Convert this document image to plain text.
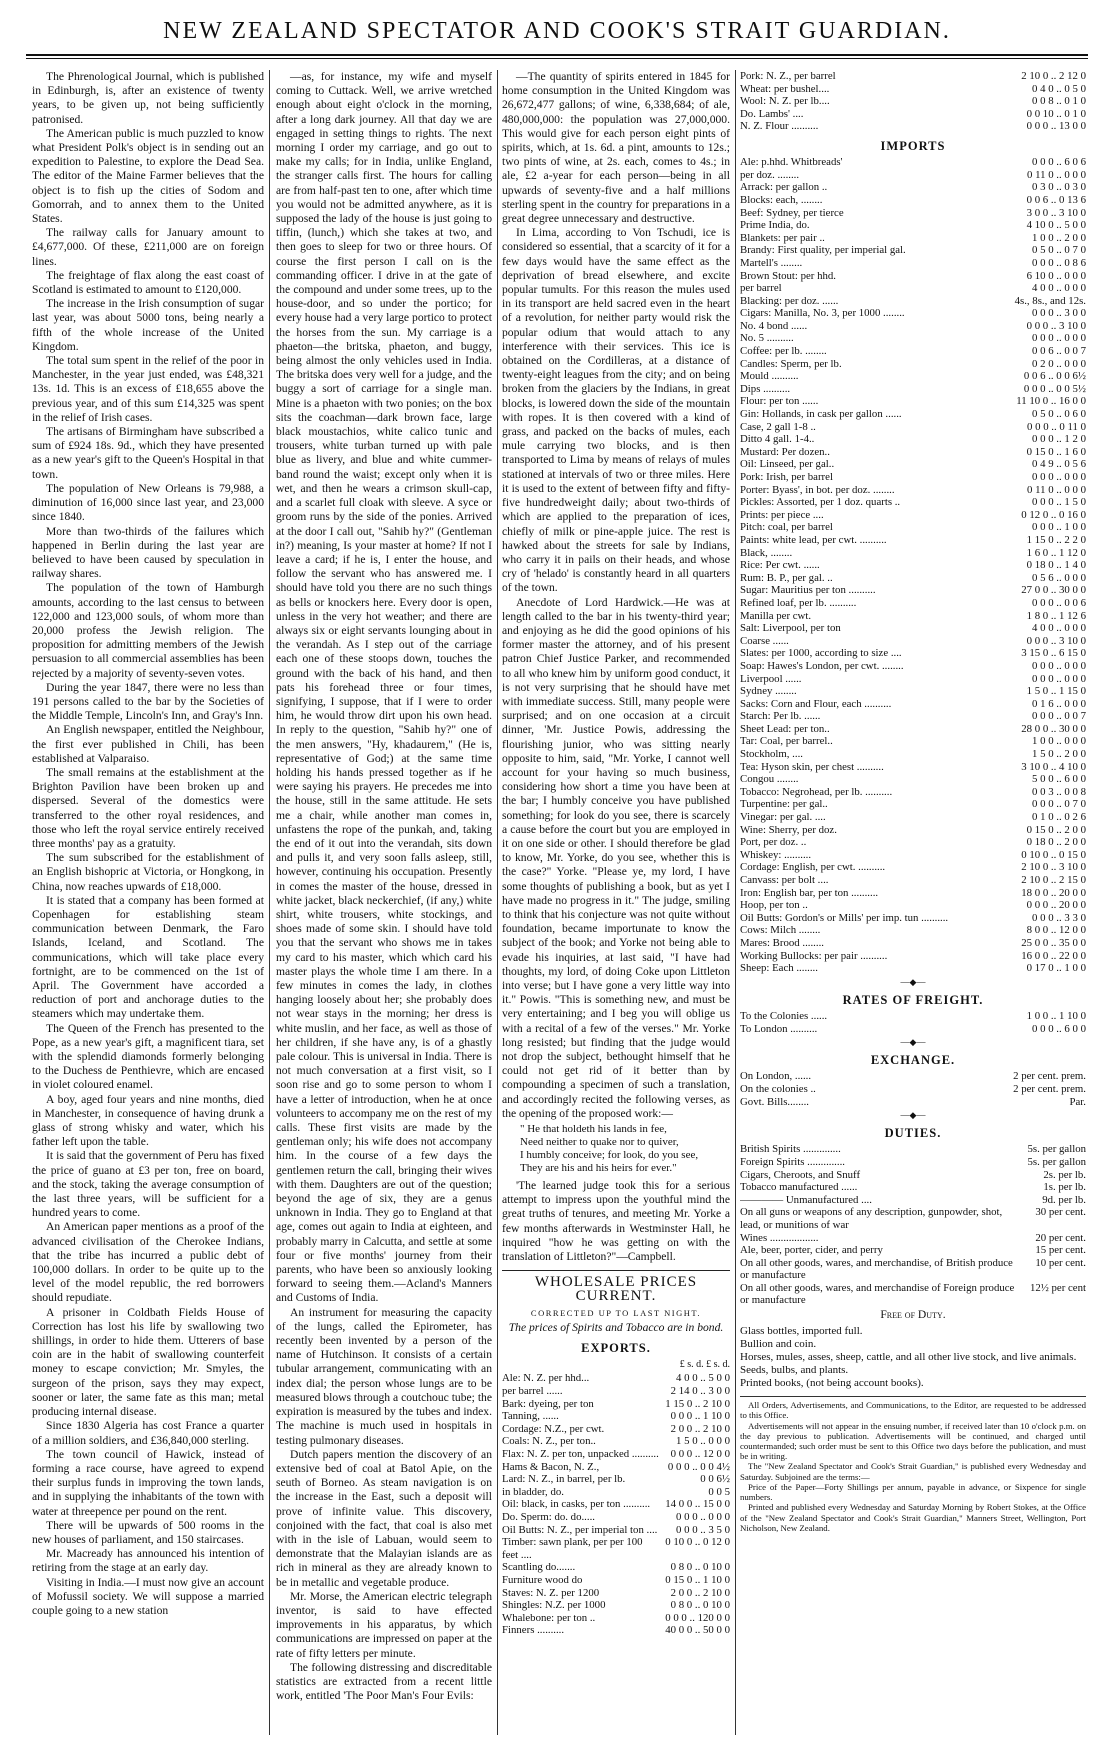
NEW ZEALAND SPECTATOR AND COOK'S STRAIT GUARDIAN.

The Phrenological Journal, which is published in Edinburgh, is, after an existence of twenty years, to be given up, not being sufficiently patronised.

The American public is much puzzled to know what President Polk's object is in sending out an expedition to Palestine, to explore the Dead Sea. The editor of the Maine Farmer believes that the object is to fish up the cities of Sodom and Gomorrah, and to annex them to the United States.

The railway calls for January amount to £4,677,000. Of these, £211,000 are on foreign lines.

The freightage of flax along the east coast of Scotland is estimated to amount to £120,000.

The increase in the Irish consumption of sugar last year, was about 5000 tons, being nearly a fifth of the whole increase of the United Kingdom.

The total sum spent in the relief of the poor in Manchester, in the year just ended, was £48,321 13s. 1d. This is an excess of £18,655 above the previous year, and of this sum £14,325 was spent in the relief of Irish cases.

The artisans of Birmingham have subscribed a sum of £924 18s. 9d., which they have presented as a new year's gift to the Queen's Hospital in that town.

The population of New Orleans is 79,988, a diminution of 16,000 since last year, and 23,000 since 1840.

More than two-thirds of the failures which happened in Berlin during the last year are believed to have been caused by speculation in railway shares.

The population of the town of Hamburgh amounts, according to the last census to between 122,000 and 123,000 souls, of whom more than 20,000 profess the Jewish religion. The proposition for admitting members of the Jewish persuasion to all commercial assemblies has been rejected by a majority of seventy-seven votes.

During the year 1847, there were no less than 191 persons called to the bar by the Societies of the Middle Temple, Lincoln's Inn, and Gray's Inn.

An English newspaper, entitled the Neighbour, the first ever published in Chili, has been established at Valparaiso.

The small remains at the establishment at the Brighton Pavilion have been broken up and dispersed. Several of the domestics were transferred to the other royal residences, and those who left the royal service entirely received three months' pay as a gratuity.

The sum subscribed for the establishment of an English bishopric at Victoria, or Hongkong, in China, now reaches upwards of £18,000.

It is stated that a company has been formed at Copenhagen for establishing steam communication between Denmark, the Faro Islands, Iceland, and Scotland. The communications, which will take place every fortnight, are to be commenced on the 1st of April. The Government have accorded a reduction of port and anchorage duties to the steamers which may undertake them.

The Queen of the French has presented to the Pope, as a new year's gift, a magnificent tiara, set with the splendid diamonds formerly belonging to the Duchess de Penthievre, which are encased in violet coloured enamel.

A boy, aged four years and nine months, died in Manchester, in consequence of having drunk a glass of strong whisky and water, which his father left upon the table.

It is said that the government of Peru has fixed the price of guano at £3 per ton, free on board, and the stock, taking the average consumption of the last three years, will be sufficient for a hundred years to come.

An American paper mentions as a proof of the advanced civilisation of the Cherokee Indians, that the tribe has incurred a public debt of 100,000 dollars. In order to be quite up to the level of the model republic, the red borrowers should repudiate.

A prisoner in Coldbath Fields House of Correction has lost his life by swallowing two shillings, in order to hide them. Utterers of base coin are in the habit of swallowing counterfeit money to escape conviction; Mr. Smyles, the surgeon of the prison, says they may expect, sooner or later, the same fate as this man; metal producing internal disease.

Since 1830 Algeria has cost France a quarter of a million soldiers, and £36,840,000 sterling.

The town council of Hawick, instead of forming a race course, have agreed to expend their surplus funds in improving the town lands, and in supplying the inhabitants of the town with water at threepence per pound on the rent.

There will be upwards of 500 rooms in the new houses of parliament, and 150 staircases.

Mr. Macready has announced his intention of retiring from the stage at an early day.

Visiting in India.—I must now give an account of Mofussil society. We will suppose a married couple going to a new station

—as, for instance, my wife and myself coming to Cuttack. Well, we arrive wretched enough about eight o'clock in the morning, after a long dark journey. All that day we are engaged in setting things to rights. The next morning I order my carriage, and go out to make my calls; for in India, unlike England, the stranger calls first. The hours for calling are from half-past ten to one, after which time you would not be admitted anywhere, as it is supposed the lady of the house is just going to tiffin, (lunch,) which she takes at two, and then goes to sleep for two or three hours. Of course the first person I call on is the commanding officer. I drive in at the gate of the compound and under some trees, up to the house-door, and so under the portico; for every house had a very large portico to protect the horses from the sun. My carriage is a phaeton—the britska, phaeton, and buggy, being almost the only vehicles used in India. The britska does very well for a judge, and the buggy a sort of carriage for a single man. Mine is a phaeton with two ponies; on the box sits the coachman—dark brown face, large black moustachios, white calico tunic and trousers, white turban turned up with pale blue as livery, and blue and white cummer-band round the waist; except only when it is wet, and then he wears a crimson skull-cap, and a scarlet full cloak with sleeve. A syce or groom runs by the side of the ponies. Arrived at the door I call out, "Sahib hy?" (Gentleman in?) meaning, Is your master at home? If not I leave a card; if he is, I enter the house, and follow the servant who has answered me. I should have told you there are no such things as bells or knockers here. Every door is open, unless in the very hot weather; and there are always six or eight servants lounging about in the verandah. As I step out of the carriage each one of these stoops down, touches the ground with the back of his hand, and then pats his forehead three or four times, signifying, I suppose, that if I were to order him, he would throw dirt upon his own head. In reply to the question, "Sahib hy?" one of the men answers, "Hy, khadaurem," (He is, representative of God;) at the same time holding his hands pressed together as if he were saying his prayers. He precedes me into the house, still in the same attitude. He sets me a chair, while another man comes in, unfastens the rope of the punkah, and, taking the end of it out into the verandah, sits down and pulls it, and very soon falls asleep, still, however, continuing his occupation. Presently in comes the master of the house, dressed in white jacket, black neckerchief, (if any,) white shirt, white trousers, white stockings, and shoes made of some skin. I should have told you that the servant who shows me in takes my card to his master, which which card his master plays the whole time I am there. In a few minutes in comes the lady, in clothes hanging loosely about her; she probably does not wear stays in the morning; her dress is white muslin, and her face, as well as those of her children, if she have any, is of a ghastly pale colour. This is universal in India. There is not much conversation at a first visit, so I soon rise and go to some person to whom I have a letter of introduction, when he at once volunteers to accompany me on the rest of my calls. These first visits are made by the gentleman only; his wife does not accompany him. In the course of a few days the gentlemen return the call, bringing their wives with them. Daughters are out of the question; beyond the age of six, they are a genus unknown in India. They go to England at that age, comes out again to India at eighteen, and probably marry in Calcutta, and settle at some four or five months' journey from their parents, who have been so anxiously looking forward to seeing them.—Acland's Manners and Customs of India.

An instrument for measuring the capacity of the lungs, called the Epirometer, has recently been invented by a person of the name of Hutchinson. It consists of a certain tubular arrangement, communicating with an index dial; the person whose lungs are to be measured blows through a coutchouc tube; the expiration is measured by the tubes and index. The machine is much used in hospitals in testing pulmonary diseases.

Dutch papers mention the discovery of an extensive bed of coal at Batol Apie, on the seuth of Borneo. As steam navigation is on the increase in the East, such a deposit will prove of infinite value. This discovery, conjoined with the fact, that coal is also met with in the isle of Labuan, would seem to demonstrate that the Malayian islands are as rich in mineral as they are already known to be in metallic and vegetable produce.

Mr. Morse, the American electric telegraph inventor, is said to have effected improvements in his apparatus, by which communications are impressed on paper at the rate of fifty letters per minute.

The following distressing and discreditable statistics are extracted from a recent little work, entitled 'The Poor Man's Four Evils:

—The quantity of spirits entered in 1845 for home consumption in the United Kingdom was 26,672,477 gallons; of wine, 6,338,684; of ale, 480,000,000: the population was 27,000,000. This would give for each person eight pints of spirits, which, at 1s. 6d. a pint, amounts to 12s.; two pints of wine, at 2s. each, comes to 4s.; in ale, £2 a-year for each person—being in all upwards of seventy-five and a half millions sterling spent in the country for preparations in a great degree unnecessary and destructive.

In Lima, according to Von Tschudi, ice is considered so essential, that a scarcity of it for a few days would have the same effect as the deprivation of bread elsewhere, and excite popular tumults. For this reason the mules used in its transport are held sacred even in the heart of a revolution, for neither party would risk the popular odium that would attach to any interference with their services. This ice is obtained on the Cordilleras, at a distance of twenty-eight leagues from the city; and on being broken from the glaciers by the Indians, in great blocks, is lowered down the side of the mountain with ropes. It is then covered with a kind of grass, and packed on the backs of mules, each mule carrying two blocks, and is then transported to Lima by means of relays of mules stationed at intervals of two or three miles. Here it is used to the extent of between fifty and fifty-five hundredweight daily; about two-thirds of which are applied to the preparation of ices, chiefly of milk or pine-apple juice. The rest is hawked about the streets for sale by Indians, who carry it in pails on their heads, and whose cry of 'helado' is constantly heard in all quarters of the town.

Anecdote of Lord Hardwick.—He was at length called to the bar in his twenty-third year; and enjoying as he did the good opinions of his former master the attorney, and of his present patron Chief Justice Parker, and recommended to all who knew him by uniform good conduct, it is not very surprising that he should have met with immediate success. Still, many people were surprised; and on one occasion at a circuit dinner, 'Mr. Justice Powis, addressing the flourishing junior, who was sitting nearly opposite to him, said, "Mr. Yorke, I cannot well account for your having so much business, considering how short a time you have been at the bar; I humbly conceive you have published something; for look do you see, there is scarcely a cause before the court but you are employed in it on one side or other. I should therefore be glad to know, Mr. Yorke, do you see, whether this is the case?" Yorke. "Please ye, my lord, I have some thoughts of publishing a book, but as yet I have made no progress in it." The judge, smiling to think that his conjecture was not quite without foundation, became importunate to know the subject of the book; and Yorke not being able to evade his inquiries, at last said, "I have had thoughts, my lord, of doing Coke upon Littleton into verse; but I have gone a very little way into it." Powis. "This is something new, and must be very entertaining; and I beg you will oblige us with a recital of a few of the verses." Mr. Yorke long resisted; but finding that the judge would not drop the subject, bethought himself that he could not get rid of it better than by compounding a specimen of such a translation, and accordingly recited the following verses, as the opening of the proposed work:—

" He that holdeth his lands in fee,
Need neither to quake nor to quiver,
I humbly conceive; for look, do you see,
They are his and his heirs for ever."

'The learned judge took this for a serious attempt to impress upon the youthful mind the great truths of tenures, and meeting Mr. Yorke a few months afterwards in Westminster Hall, he inquired "how he was getting on with the translation of Littleton?"—Campbell.

WHOLESALE PRICES CURRENT.
CORRECTED UP TO LAST NIGHT.
The prices of Spirits and Tobacco are in bond.
EXPORTS.
£ s. d. £ s. d.
Ale: N. Z. per hhd...	4 0 0 .. 5 0 0
per barrel ......	2 14 0 .. 3 0 0
Bark: dyeing, per ton	1 15 0 .. 2 10 0
Tanning, ......	0 0 0 .. 1 10 0
Cordage: N.Z., per cwt.	2 0 0 .. 2 10 0
Coals: N. Z., per ton..	1 5 0 .. 0 0 0
Flax: N. Z. per ton, unpacked ..........	0 0 0 .. 12 0 0
Hams & Bacon, N. Z.,	0 0 0 .. 0 0 4½
Lard: N. Z., in barrel, per lb.	0 0 6½
in bladder, do.	0 0 5
Oil: black, in casks, per ton ..........	14 0 0 .. 15 0 0
Do. Sperm: do. do.....	0 0 0 .. 0 0 0
Oil Butts: N. Z., per imperial ton ....	0 0 0 .. 3 5 0
Timber: sawn plank, per per 100 feet ....	0 10 0 .. 0 12 0
Scantling do.......	0 8 0 .. 0 10 0
Furniture wood do	0 15 0 .. 1 10 0
Staves: N. Z. per 1200	2 0 0 .. 2 10 0
Shingles: N.Z. per 1000	0 8 0 .. 0 10 0
Whalebone: per ton ..	0 0 0 .. 120 0 0
Finners ..........	40 0 0 .. 50 0 0
Pork: N. Z., per barrel	2 10 0 .. 2 12 0
Wheat: per bushel....	0 4 0 .. 0 5 0
Wool: N. Z. per lb....	0 0 8 .. 0 1 0
Do. Lambs' ....	0 0 10 .. 0 1 0
N. Z. Flour ..........	0 0 0 .. 13 0 0
IMPORTS
Ale: p.hhd. Whitbreads'	0 0 0 .. 6 0 6
per doz. ........	0 11 0 .. 0 0 0
Arrack: per gallon ..	0 3 0 .. 0 3 0
Blocks: each, ........	0 0 6 .. 0 13 6
Beef: Sydney, per tierce	3 0 0 .. 3 10 0
Prime India, do.	4 10 0 .. 5 0 0
Blankets: per pair ..	1 0 0 .. 2 0 0
Brandy: First quality, per imperial gal.	0 5 0 .. 0 7 0
Martell's ........	0 0 0 .. 0 8 6
Brown Stout: per hhd.	6 10 0 .. 0 0 0
per barrel	4 0 0 .. 0 0 0
Blacking: per doz. ......	4s., 8s., and 12s.
Cigars: Manilla, No. 3, per 1000 ........	0 0 0 .. 3 0 0
No. 4 bond ......	0 0 0 .. 3 10 0
No. 5 ..........	0 0 0 .. 0 0 0
Coffee: per lb. ........	0 0 6 .. 0 0 7
Candles: Sperm, per lb.	0 2 0 .. 0 0 0
Mould ..........	0 0 6 .. 0 0 6½
Dips ..........	0 0 0 .. 0 0 5½
Flour: per ton ......	11 10 0 .. 16 0 0
Gin: Hollands, in cask per gallon ......	0 5 0 .. 0 6 0
Case, 2 gall 1-8 ..	0 0 0 .. 0 11 0
Ditto 4 gall. 1-4..	0 0 0 .. 1 2 0
Mustard: Per dozen..	0 15 0 .. 1 6 0
Oil: Linseed, per gal..	0 4 9 .. 0 5 6
Pork: Irish, per barrel	0 0 0 .. 0 0 0
Porter: Byass', in bot. per doz. ........	0 11 0 .. 0 0 0
Pickles: Assorted, per 1 doz. quarts ..	0 0 0 .. 1 5 0
Prints: per piece ....	0 12 0 .. 0 16 0
Pitch: coal, per barrel	0 0 0 .. 1 0 0
Paints: white lead, per cwt. ..........	1 15 0 .. 2 2 0
Black, ........	1 6 0 .. 1 12 0
Rice: Per cwt. ......	0 18 0 .. 1 4 0
Rum: B. P., per gal. ..	0 5 6 .. 0 0 0
Sugar: Mauritius per ton ..........	27 0 0 .. 30 0 0
Refined loaf, per lb. ..........	0 0 0 .. 0 0 6
Manilla per cwt.	1 8 0 .. 1 12 6
Salt: Liverpool, per ton	4 0 0 .. 0 0 0
Coarse ......	0 0 0 .. 3 10 0
Slates: per 1000, according to size ....	3 15 0 .. 6 15 0
Soap: Hawes's London, per cwt. ........	0 0 0 .. 0 0 0
Liverpool ......	0 0 0 .. 0 0 0
Sydney ........	1 5 0 .. 1 15 0
Sacks: Corn and Flour, each ..........	0 1 6 .. 0 0 0
Starch: Per lb. ......	0 0 0 .. 0 0 7
Sheet Lead: per ton..	28 0 0 .. 30 0 0
Tar: Coal, per barrel..	1 0 0 .. 0 0 0
Stockholm, ....	1 5 0 .. 2 0 0
Tea: Hyson skin, per chest ..........	3 10 0 .. 4 10 0
Congou ........	5 0 0 .. 6 0 0
Tobacco: Negrohead, per lb. ..........	0 0 3 .. 0 0 8
Turpentine: per gal..	0 0 0 .. 0 7 0
Vinegar: per gal. ....	0 1 0 .. 0 2 6
Wine: Sherry, per doz.	0 15 0 .. 2 0 0
Port, per doz. ..	0 18 0 .. 2 0 0
Whiskey: ..........	0 10 0 .. 0 15 0
Cordage: English, per cwt. ..........	2 10 0 .. 3 10 0
Canvass: per bolt ....	2 10 0 .. 2 15 0
Iron: English bar, per ton ..........	18 0 0 .. 20 0 0
Hoop, per ton ..	0 0 0 .. 20 0 0
Oil Butts: Gordon's or Mills' per imp. tun ..........	0 0 0 .. 3 3 0
Cows: Milch ........	8 0 0 .. 12 0 0
Mares: Brood ........	25 0 0 .. 35 0 0
Working Bullocks: per pair ..........	16 0 0 .. 22 0 0
Sheep: Each ........	0 17 0 .. 1 0 0
—◆—
RATES OF FREIGHT.
To the Colonies ......	1 0 0 .. 1 10 0
To London ..........	0 0 0 .. 6 0 0
—◆—
EXCHANGE.
On London, ......	2 per cent. prem.
On the colonies ..	2 per cent. prem.
Govt. Bills........	Par.
—◆—
DUTIES.
British Spirits ..............	5s. per gallon
Foreign Spirits ..............	5s. per gallon
Cigars, Cheroots, and Snuff	2s. per lb.
Tobacco manufactured ......	1s. per lb.
———— Unmanufactured ....	9d. per lb.
On all guns or weapons of any description, gunpowder, shot, lead, or munitions of war	30 per cent.
Wines ..................	20 per cent.
Ale, beer, porter, cider, and perry	15 per cent.
On all other goods, wares, and merchandise, of British produce or manufacture	10 per cent.
On all other goods, wares, and merchandise of Foreign produce or manufacture	12½ per cent
Free of Duty.
Glass bottles, imported full.
Bullion and coin.
Horses, mules, asses, sheep, cattle, and all other live stock, and live animals.
Seeds, bulbs, and plants.
Printed books, (not being account books).

All Orders, Advertisements, and Communications, to the Editor, are requested to be addressed to this Office.

Advertisements will not appear in the ensuing number, if received later than 10 o'clock p.m. on the day previous to publication. Advertisements will be continued, and charged until countermanded; such order must be sent to this Office two days before the publication, and must be in writing.

The "New Zealand Spectator and Cook's Strait Guardian," is published every Wednesday and Saturday. Subjoined are the terms:—

Price of the Paper—Forty Shillings per annum, payable in advance, or Sixpence for single numbers.

Printed and published every Wednesday and Saturday Morning by Robert Stokes, at the Office of the "New Zealand Spectator and Cook's Strait Guardian," Manners Street, Wellington, Port Nicholson, New Zealand.
